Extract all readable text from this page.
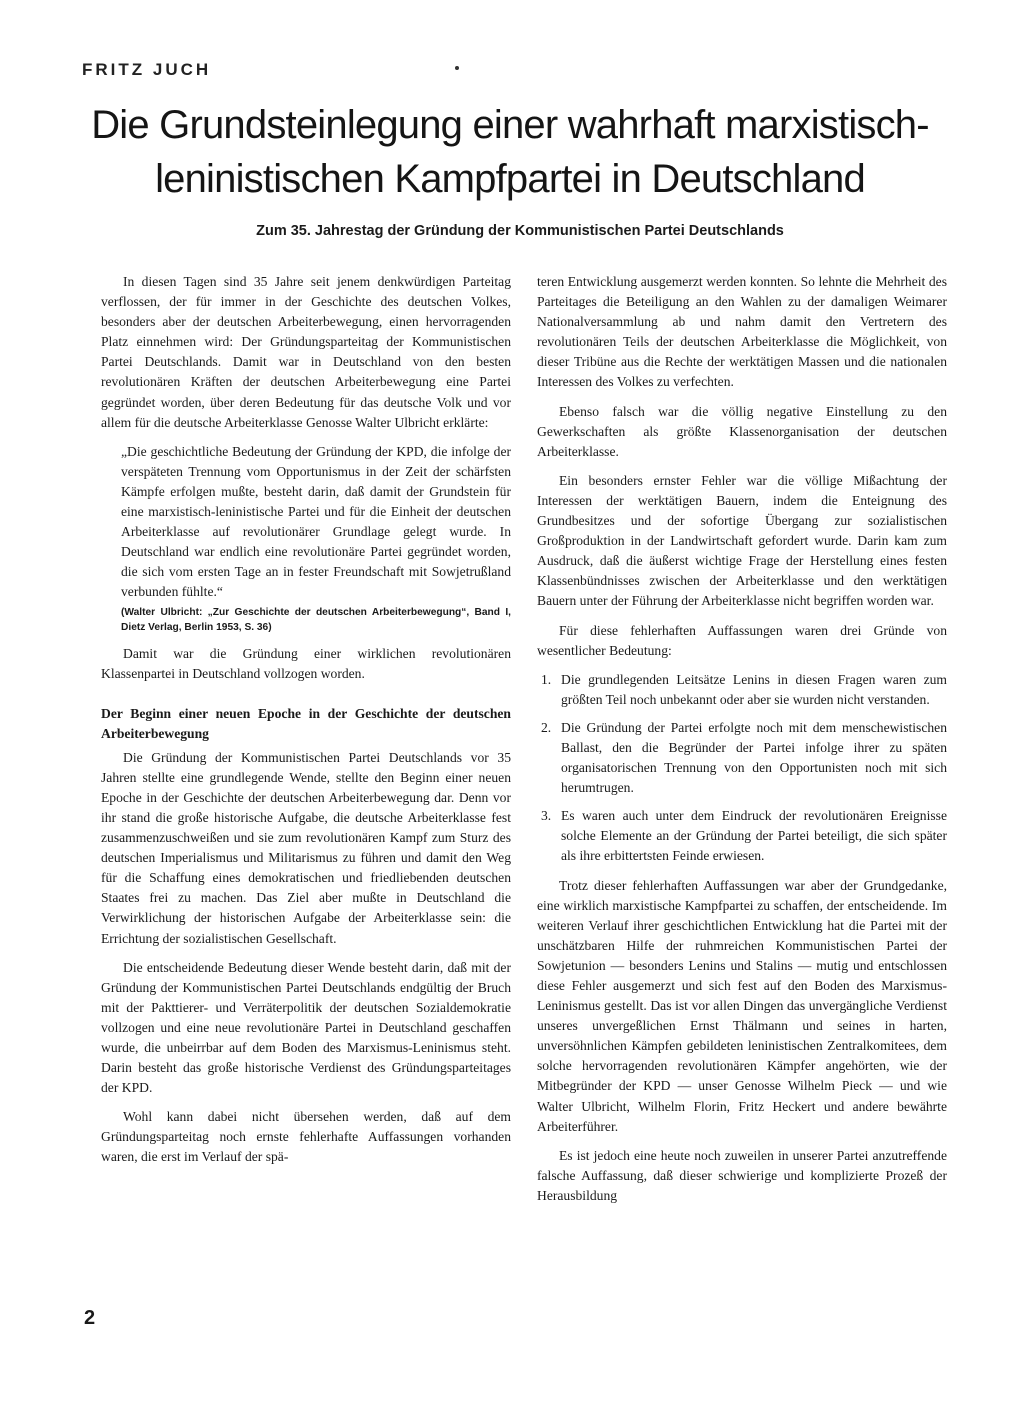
FRITZ JUCH
Die Grundsteinlegung einer wahrhaft marxistisch-leninistischen Kampfpartei in Deutschland
Zum 35. Jahrestag der Gründung der Kommunistischen Partei Deutschlands

In diesen Tagen sind 35 Jahre seit jenem denkwürdigen Parteitag verflossen, der für immer in der Geschichte des deutschen Volkes, besonders aber der deutschen Arbeiterbewegung, einen hervorragenden Platz einnehmen wird: Der Gründungsparteitag der Kommunistischen Partei Deutschlands. Damit war in Deutschland von den besten revolutionären Kräften der deutschen Arbeiterbewegung eine Partei gegründet worden, über deren Bedeutung für das deutsche Volk und vor allem für die deutsche Arbeiterklasse Genosse Walter Ulbricht erklärte:

„Die geschichtliche Bedeutung der Gründung der KPD, die infolge der verspäteten Trennung vom Opportunismus in der Zeit der schärfsten Kämpfe erfolgen mußte, besteht darin, daß damit der Grundstein für eine marxistisch-leninistische Partei und für die Einheit der deutschen Arbeiterklasse auf revolutionärer Grundlage gelegt wurde. In Deutschland war endlich eine revolutionäre Partei gegründet worden, die sich vom ersten Tage an in fester Freundschaft mit Sowjetrußland verbunden fühlte.“

(Walter Ulbricht: „Zur Geschichte der deutschen Arbeiterbewegung“, Band I, Dietz Verlag, Berlin 1953, S. 36)

Damit war die Gründung einer wirklichen revolutionären Klassenpartei in Deutschland vollzogen worden.

Der Beginn einer neuen Epoche in der Geschichte der deutschen Arbeiterbewegung

Die Gründung der Kommunistischen Partei Deutschlands vor 35 Jahren stellte eine grundlegende Wende, stellte den Beginn einer neuen Epoche in der Geschichte der deutschen Arbeiterbewegung dar. Denn vor ihr stand die große historische Aufgabe, die deutsche Arbeiterklasse fest zusammenzuschweißen und sie zum revolutionären Kampf zum Sturz des deutschen Imperialismus und Militarismus zu führen und damit den Weg für die Schaffung eines demokratischen und friedliebenden deutschen Staates frei zu machen. Das Ziel aber mußte in Deutschland die Verwirklichung der historischen Aufgabe der Arbeiterklasse sein: die Errichtung der sozialistischen Gesellschaft.

Die entscheidende Bedeutung dieser Wende besteht darin, daß mit der Gründung der Kommunistischen Partei Deutschlands endgültig der Bruch mit der Pakttierer- und Verräterpolitik der deutschen Sozialdemokratie vollzogen und eine neue revolutionäre Partei in Deutschland geschaffen wurde, die unbeirrbar auf dem Boden des Marxismus-Leninismus steht. Darin besteht das große historische Verdienst des Gründungsparteitages der KPD.

Wohl kann dabei nicht übersehen werden, daß auf dem Gründungsparteitag noch ernste fehlerhafte Auffassungen vorhanden waren, die erst im Verlauf der spä-

teren Entwicklung ausgemerzt werden konnten. So lehnte die Mehrheit des Parteitages die Beteiligung an den Wahlen zu der damaligen Weimarer Nationalversammlung ab und nahm damit den Vertretern des revolutionären Teils der deutschen Arbeiterklasse die Möglichkeit, von dieser Tribüne aus die Rechte der werktätigen Massen und die nationalen Interessen des Volkes zu verfechten.

Ebenso falsch war die völlig negative Einstellung zu den Gewerkschaften als größte Klassenorganisation der deutschen Arbeiterklasse.

Ein besonders ernster Fehler war die völlige Mißachtung der Interessen der werktätigen Bauern, indem die Enteignung des Grundbesitzes und der sofortige Übergang zur sozialistischen Großproduktion in der Landwirtschaft gefordert wurde. Darin kam zum Ausdruck, daß die äußerst wichtige Frage der Herstellung eines festen Klassenbündnisses zwischen der Arbeiterklasse und den werktätigen Bauern unter der Führung der Arbeiterklasse nicht begriffen worden war.

Für diese fehlerhaften Auffassungen waren drei Gründe von wesentlicher Bedeutung:

1. Die grundlegenden Leitsätze Lenins in diesen Fragen waren zum größten Teil noch unbekannt oder aber sie wurden nicht verstanden.
2. Die Gründung der Partei erfolgte noch mit dem menschewistischen Ballast, den die Begründer der Partei infolge ihrer zu späten organisatorischen Trennung von den Opportunisten noch mit sich herumtrugen.
3. Es waren auch unter dem Eindruck der revolutionären Ereignisse solche Elemente an der Gründung der Partei beteiligt, die sich später als ihre erbittertsten Feinde erwiesen.

Trotz dieser fehlerhaften Auffassungen war aber der Grundgedanke, eine wirklich marxistische Kampfpartei zu schaffen, der entscheidende. Im weiteren Verlauf ihrer geschichtlichen Entwicklung hat die Partei mit der unschätzbaren Hilfe der ruhmreichen Kommunistischen Partei der Sowjetunion — besonders Lenins und Stalins — mutig und entschlossen diese Fehler ausgemerzt und sich fest auf den Boden des Marxismus-Leninismus gestellt. Das ist vor allen Dingen das unvergängliche Verdienst unseres unvergeßlichen Ernst Thälmann und seines in harten, unversöhnlichen Kämpfen gebildeten leninistischen Zentralkomitees, dem solche hervorragenden revolutionären Kämpfer angehörten, wie der Mitbegründer der KPD — unser Genosse Wilhelm Pieck — und wie Walter Ulbricht, Wilhelm Florin, Fritz Heckert und andere bewährte Arbeiterführer.

Es ist jedoch eine heute noch zuweilen in unserer Partei anzutreffende falsche Auffassung, daß dieser schwierige und komplizierte Prozeß der Herausbildung

2
